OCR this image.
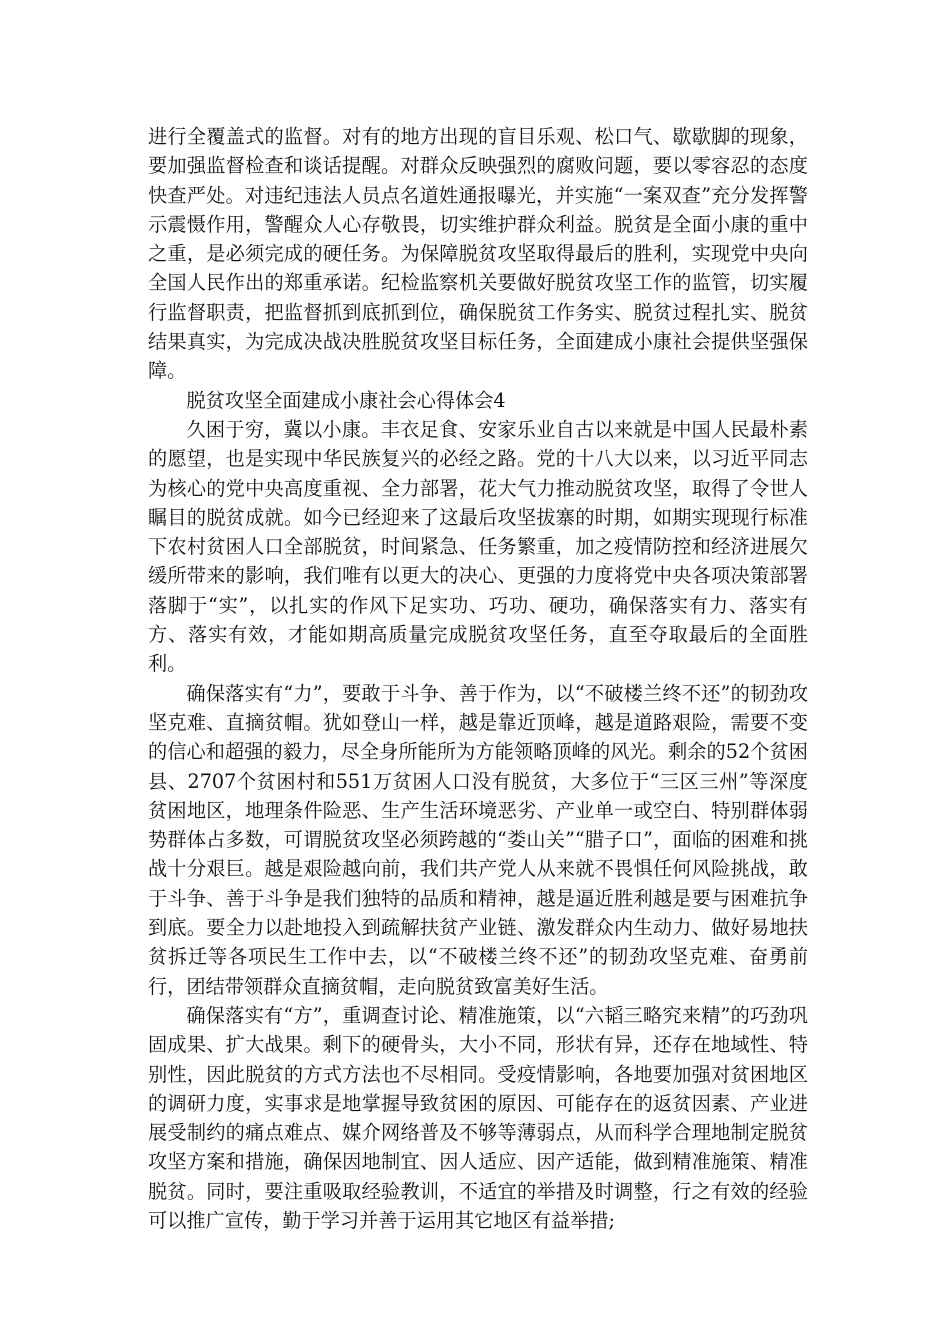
进行全覆盖式的监督。对有的地方出现的盲目乐观、松口气、歇歇脚的现象，要加强监督检查和谈话提醒。对群众反映强烈的腐败问题，要以零容忍的态度快查严处。对违纪违法人员点名道姓通报曝光，并实施“一案双查”充分发挥警示震慑作用，警醒众人心存敬畏，切实维护群众利益。脱贫是全面小康的重中之重，是必须完成的硬任务。为保障脱贫攻坚取得最后的胜利，实现党中央向全国人民作出的郑重承诺。纪检监察机关要做好脱贫攻坚工作的监管，切实履行监督职责，把监督抓到底抓到位，确保脱贫工作务实、脱贫过程扎实、脱贫结果真实，为完成决战决胜脱贫攻坚目标任务，全面建成小康社会提供坚强保障。

脱贫攻坚全面建成小康社会心得体会4

久困于穷，冀以小康。丰衣足食、安家乐业自古以来就是中国人民最朴素的愿望，也是实现中华民族复兴的必经之路。党的十八大以来，以习近平同志为核心的党中央高度重视、全力部署，花大气力推动脱贫攻坚，取得了令世人瞩目的脱贫成就。如今已经迎来了这最后攻坚拔寨的时期，如期实现现行标准下农村贫困人口全部脱贫，时间紧急、任务繁重，加之疫情防控和经济进展欠缓所带来的影响，我们唯有以更大的决心、更强的力度将党中央各项决策部署落脚于“实”，以扎实的作风下足实功、巧功、硬功，确保落实有力、落实有方、落实有效，才能如期高质量完成脱贫攻坚任务，直至夺取最后的全面胜利。

确保落实有“力”，要敢于斗争、善于作为，以“不破楼兰终不还”的韧劲攻坚克难、直摘贫帽。犹如登山一样，越是靠近顶峰，越是道路艰险，需要不变的信心和超强的毅力，尽全身所能所为方能领略顶峰的风光。剩余的52个贫困县、2707个贫困村和551万贫困人口没有脱贫，大多位于“三区三州”等深度贫困地区，地理条件险恶、生产生活环境恶劣、产业单一或空白、特别群体弱势群体占多数，可谓脱贫攻坚必须跨越的“娄山关”“腊子口”，面临的困难和挑战十分艰巨。越是艰险越向前，我们共产党人从来就不畏惧任何风险挑战，敢于斗争、善于斗争是我们独特的品质和精神，越是逼近胜利越是要与困难抗争到底。要全力以赴地投入到疏解扶贫产业链、激发群众内生动力、做好易地扶贫拆迁等各项民生工作中去，以“不破楼兰终不还”的韧劲攻坚克难、奋勇前行，团结带领群众直摘贫帽，走向脱贫致富美好生活。

确保落实有“方”，重调查讨论、精准施策，以“六韬三略究来精”的巧劲巩固成果、扩大战果。剩下的硬骨头，大小不同，形状有异，还存在地域性、特别性，因此脱贫的方式方法也不尽相同。受疫情影响，各地要加强对贫困地区的调研力度，实事求是地掌握导致贫困的原因、可能存在的返贫因素、产业进展受制约的痛点难点、媒介网络普及不够等薄弱点，从而科学合理地制定脱贫攻坚方案和措施，确保因地制宜、因人适应、因产适能，做到精准施策、精准脱贫。同时，要注重吸取经验教训，不适宜的举措及时调整，行之有效的经验可以推广宣传，勤于学习并善于运用其它地区有益举措;
